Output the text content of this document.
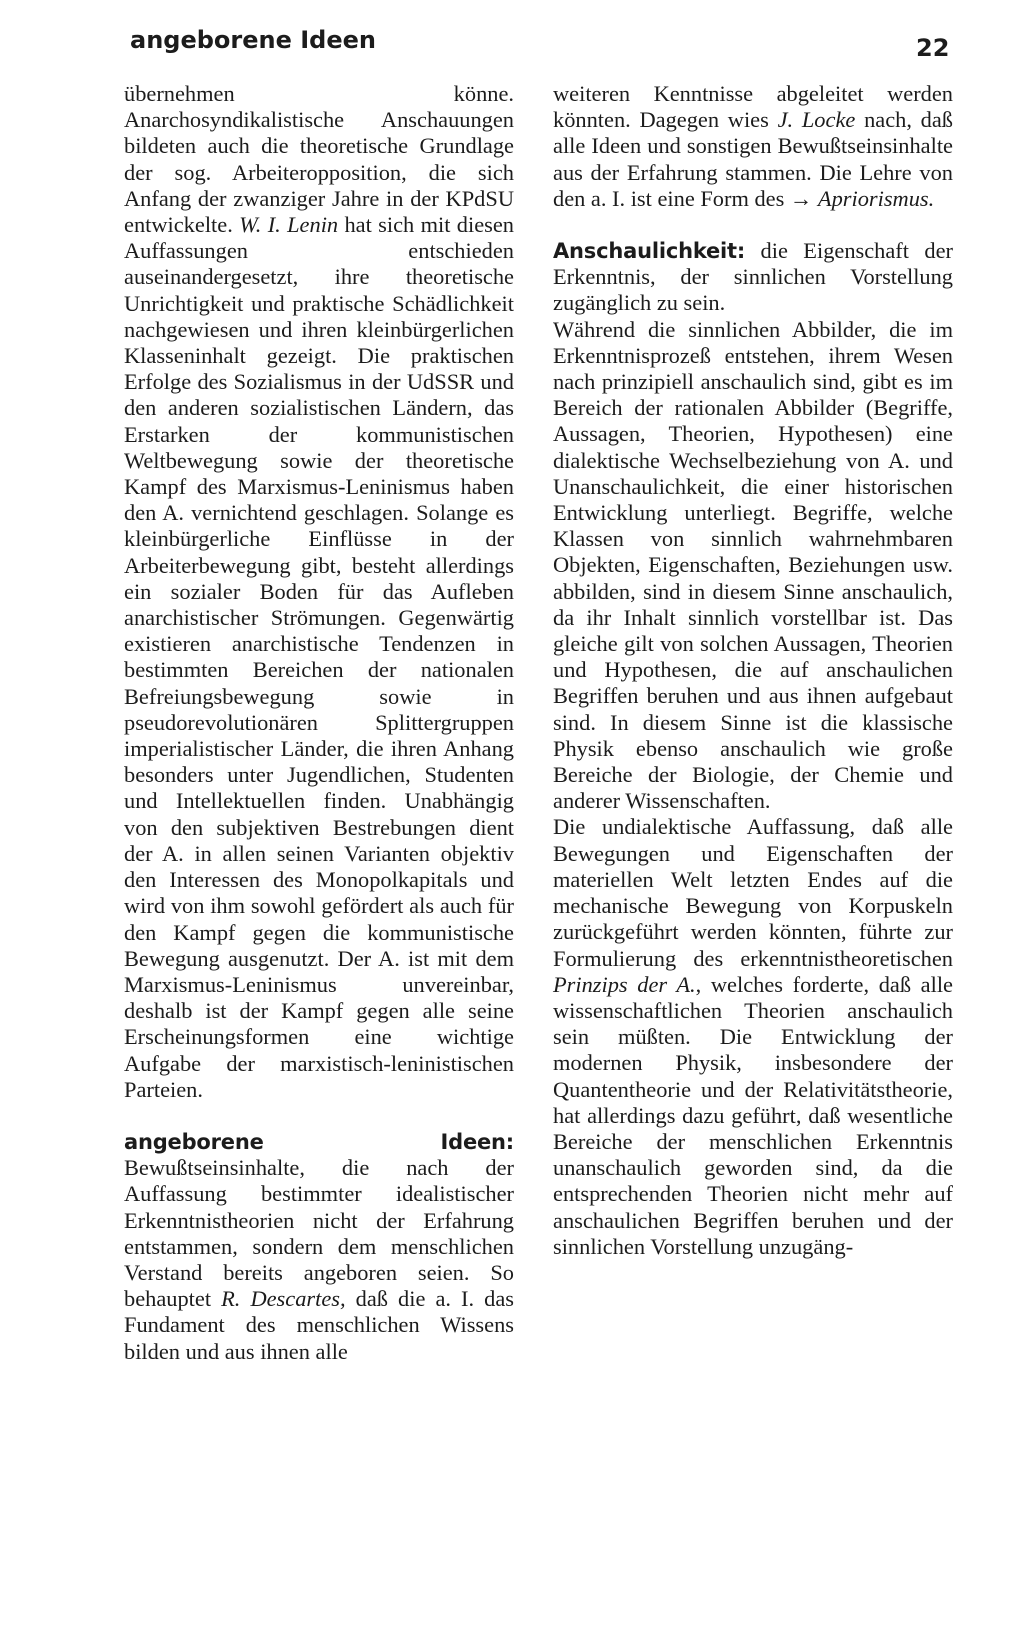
angeborene Ideen	22

übernehmen könne. Anarchosyndikalistische Anschauungen bildeten auch die theoretische Grundlage der sog. Arbeiteropposition, die sich Anfang der zwanziger Jahre in der KPdSU entwickelte. W. I. Lenin hat sich mit diesen Auffassungen entschieden auseinandergesetzt, ihre theoretische Unrichtigkeit und praktische Schädlichkeit nachgewiesen und ihren kleinbürgerlichen Klasseninhalt gezeigt. Die praktischen Erfolge des Sozialismus in der UdSSR und den anderen sozialistischen Ländern, das Erstarken der kommunistischen Weltbewegung sowie der theoretische Kampf des Marxismus-Leninismus haben den A. vernichtend geschlagen. Solange es kleinbürgerliche Einflüsse in der Arbeiterbewegung gibt, besteht allerdings ein sozialer Boden für das Aufleben anarchistischer Strömungen. Gegenwärtig existieren anarchistische Tendenzen in bestimmten Bereichen der nationalen Befreiungsbewegung sowie in pseudorevolutionären Splittergruppen imperialistischer Länder, die ihren Anhang besonders unter Jugendlichen, Studenten und Intellektuellen finden. Unabhängig von den subjektiven Bestrebungen dient der A. in allen seinen Varianten objektiv den Interessen des Monopolkapitals und wird von ihm sowohl gefördert als auch für den Kampf gegen die kommunistische Bewegung ausgenutzt. Der A. ist mit dem Marxismus-Leninismus unvereinbar, deshalb ist der Kampf gegen alle seine Erscheinungsformen eine wichtige Aufgabe der marxistisch-leninistischen Parteien.

angeborene Ideen: Bewußtseinsinhalte, die nach der Auffassung bestimmter idealistischer Erkenntnistheorien nicht der Erfahrung entstammen, sondern dem menschlichen Verstand bereits angeboren seien. So behauptet R. Descartes, daß die a. I. das Fundament des menschlichen Wissens bilden und aus ihnen alle

weiteren Kenntnisse abgeleitet werden könnten. Dagegen wies J. Locke nach, daß alle Ideen und sonstigen Bewußtseinsinhalte aus der Erfahrung stammen. Die Lehre von den a. I. ist eine Form des → Apriorismus.

Anschaulichkeit: die Eigenschaft der Erkenntnis, der sinnlichen Vorstellung zugänglich zu sein.

Während die sinnlichen Abbilder, die im Erkenntnisprozeß entstehen, ihrem Wesen nach prinzipiell anschaulich sind, gibt es im Bereich der rationalen Abbilder (Begriffe, Aussagen, Theorien, Hypothesen) eine dialektische Wechselbeziehung von A. und Unanschaulichkeit, die einer historischen Entwicklung unterliegt. Begriffe, welche Klassen von sinnlich wahrnehmbaren Objekten, Eigenschaften, Beziehungen usw. abbilden, sind in diesem Sinne anschaulich, da ihr Inhalt sinnlich vorstellbar ist. Das gleiche gilt von solchen Aussagen, Theorien und Hypothesen, die auf anschaulichen Begriffen beruhen und aus ihnen aufgebaut sind. In diesem Sinne ist die klassische Physik ebenso anschaulich wie große Bereiche der Biologie, der Chemie und anderer Wissenschaften.

Die undialektische Auffassung, daß alle Bewegungen und Eigenschaften der materiellen Welt letzten Endes auf die mechanische Bewegung von Korpuskeln zurückgeführt werden könnten, führte zur Formulierung des erkenntnistheoretischen Prinzips der A., welches forderte, daß alle wissenschaftlichen Theorien anschaulich sein müßten. Die Entwicklung der modernen Physik, insbesondere der Quantentheorie und der Relativitätstheorie, hat allerdings dazu geführt, daß wesentliche Bereiche der menschlichen Erkenntnis unanschaulich geworden sind, da die entsprechenden Theorien nicht mehr auf anschaulichen Begriffen beruhen und der sinnlichen Vorstellung unzugäng-
